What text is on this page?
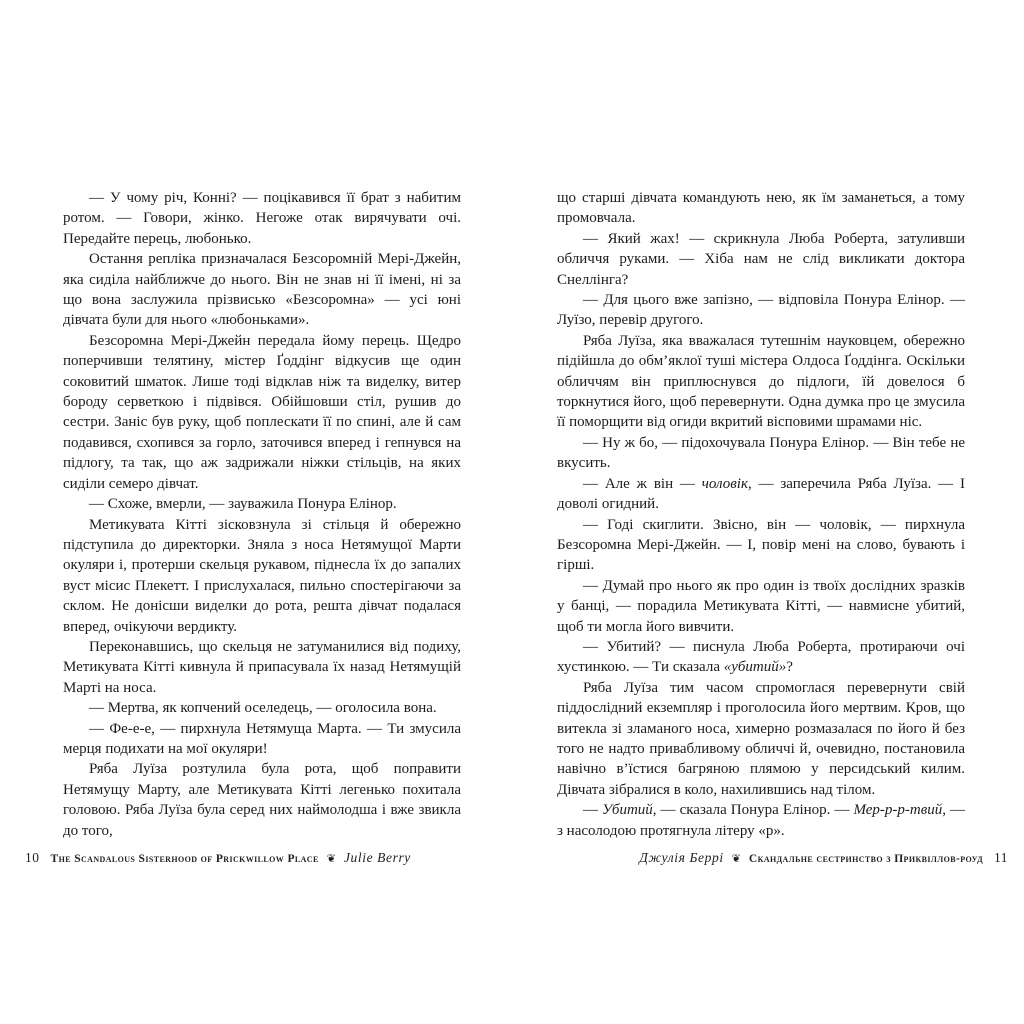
— У чому річ, Конні? — поцікавився її брат з набитим ротом. — Говори, жінко. Негоже отак вирячувати очі. Передайте перець, любонько.

Остання репліка призначалася Безсоромній Мері-Джейн, яка сиділа найближче до нього. Він не знав ні її імені, ні за що вона заслужила прізвисько «Безсоромна» — усі юні дівчата були для нього «любоньками».

Безсоромна Мері-Джейн передала йому перець. Щедро поперчивши телятину, містер Ґоддінг відкусив ще один соковитий шматок. Лише тоді відклав ніж та виделку, витер бороду серветкою і підвівся. Обійшовши стіл, рушив до сестри. Заніс був руку, щоб поплескати її по спині, але й сам подавився, схопився за горло, заточився вперед і гепнувся на підлогу, та так, що аж задрижали ніжки стільців, на яких сиділи семеро дівчат.

— Схоже, вмерли, — зауважила Понура Елінор.

Метикувата Кітті зісковзнула зі стільця й обережно підступила до директорки. Зняла з носа Нетямущої Марти окуляри і, протерши скельця рукавом, піднесла їх до запалих вуст місис Плекетт. І прислухалася, пильно спостерігаючи за склом. Не донісши виделки до рота, решта дівчат подалася вперед, очікуючи вердикту.

Переконавшись, що скельця не затуманилися від подиху, Метикувата Кітті кивнула й припасувала їх назад Нетямущій Марті на носа.

— Мертва, як копчений оселедець, — оголосила вона.

— Фе-е-е, — пирхнула Нетямуща Марта. — Ти змусила мерця подихати на мої окуляри!

Ряба Луїза розтулила була рота, щоб поправити Нетямущу Марту, але Метикувата Кітті легенько похитала головою. Ряба Луїза була серед них наймолодша і вже звикла до того,

що старші дівчата командують нею, як їм заманеться, а тому промовчала.

— Який жах! — скрикнула Люба Роберта, затуливши обличчя руками. — Хіба нам не слід викликати доктора Снеллінга?

— Для цього вже запізно, — відповіла Понура Елінор. — Луїзо, перевір другого.

Ряба Луїза, яка вважалася тутешнім науковцем, обережно підійшла до обм’яклої туші містера Олдоса Ґоддінга. Оскільки обличчям він приплюснувся до підлоги, їй довелося б торкнутися його, щоб перевернути. Одна думка про це змусила її поморщити від огиди вкритий вісповими шрамами ніс.

— Ну ж бо, — підохочувала Понура Елінор. — Він тебе не вкусить.

— Але ж він — чоловік, — заперечила Ряба Луїза. — І доволі огидний.

— Годі скиглити. Звісно, він — чоловік, — пирхнула Безсоромна Мері-Джейн. — І, повір мені на слово, бувають і гірші.

— Думай про нього як про один із твоїх дослідних зразків у банці, — порадила Метикувата Кітті, — навмисне убитий, щоб ти могла його вивчити.

— Убитий? — писнула Люба Роберта, протираючи очі хустинкою. — Ти сказала «убитий»?

Ряба Луїза тим часом спромоглася перевернути свій піддослідний екземпляр і проголосила його мертвим. Кров, що витекла зі зламаного носа, химерно розмазалася по його й без того не надто привабливому обличчі й, очевидно, постановила навічно в’їстися багряною плямою у персидський килим. Дівчата зібралися в коло, нахилившись над тілом.

— Убитий, — сказала Понура Елінор. — Мер-р-р-твий, — з насолодою протягнула літеру «р».

10 The Scandalous Sisterhood of Prickwillow Place ❦ Julie Berry	Джулія Беррі ❦ Скандальне сестринство з Приквіллов-роуд 11
